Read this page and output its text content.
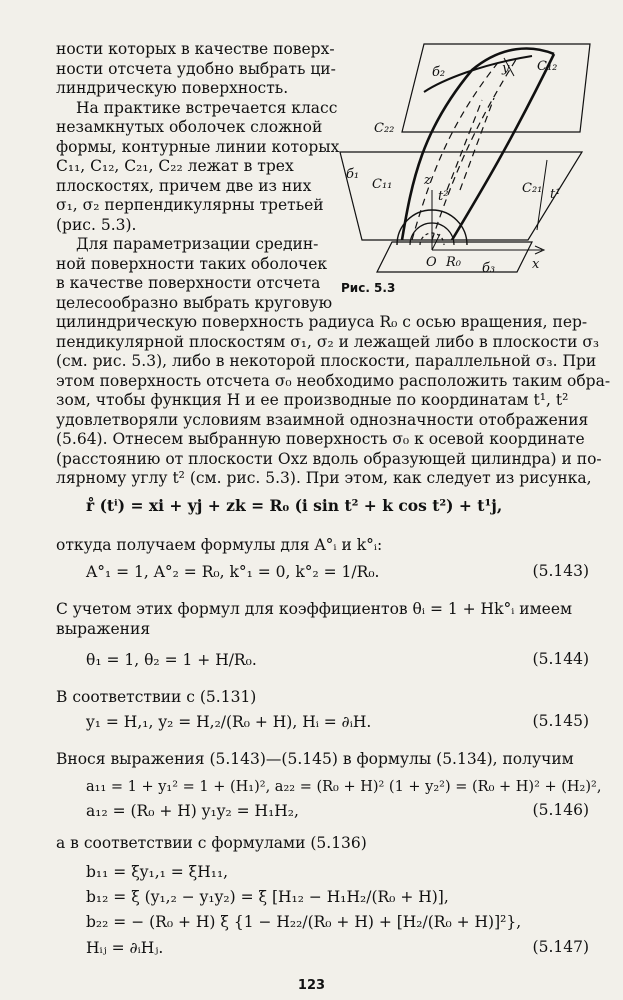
ности которых в качестве поверх-
ности отсчета удобно выбрать ци-
линдрическую поверхность.
На практике встречается класс
незамкнутых оболочек сложной
формы, контурные линии которых
C₁₁, C₁₂, C₂₁, C₂₂ лежат в трех
плоскостях, причем две из них
σ₁, σ₂ перпендикулярны третьей
(рис. 5.3).
Для параметризации средин-
ной поверхности таких оболочек
в качестве поверхности отсчета
целесообразно выбрать круговую

б₂	C₁₂
y
C₂₂
б₁
C₁₁ z
t²
C₂₁ t¹
O R₀ б₃	x
Рис. 5.3

цилиндрическую поверхность радиуса R₀ с осью вращения, пер-
пендикулярной плоскостям σ₁, σ₂ и лежащей либо в плоскости σ₃
(см. рис. 5.3), либо в некоторой плоскости, параллельной σ₃. При
этом поверхность отсчета σ₀ необходимо расположить таким обра-
зом, чтобы функция H и ее производные по координатам t¹, t²
удовлетворяли условиям взаимной однозначности отображения
(5.64). Отнесем выбранную поверхность σ₀ к осевой координате
(расстоянию от плоскости Oxz вдоль образующей цилиндра) и по-
лярному углу t² (см. рис. 5.3). При этом, как следует из рисунка,

r̊ (tⁱ) = xi + yj + zk = R₀ (i sin t² + k cos t²) + t¹j,
откуда получаем формулы для A°ᵢ и k°ᵢ:
A°₁ = 1, A°₂ = R₀, k°₁ = 0, k°₂ = 1/R₀.	(5.143)

С учетом этих формул для коэффициентов θᵢ = 1 + Hk°ᵢ имеем
выражения

θ₁ = 1, θ₂ = 1 + H/R₀.	(5.144)
В соответствии с (5.131)
y₁ = H,₁, y₂ = H,₂/(R₀ + H), Hᵢ = ∂ᵢH.	(5.145)
Внося выражения (5.143)—(5.145) в формулы (5.134), получим
a₁₁ = 1 + y₁² = 1 + (H₁)², a₂₂ = (R₀ + H)² (1 + y₂²) = (R₀ + H)² + (H₂)²,
a₁₂ = (R₀ + H) y₁y₂ = H₁H₂,	(5.146)
а в соответствии с формулами (5.136)
b₁₁ = ξy₁,₁ = ξH₁₁,
b₁₂ = ξ (y₁,₂ − y₁y₂) = ξ [H₁₂ − H₁H₂/(R₀ + H)],
b₂₂ = − (R₀ + H) ξ {1 − H₂₂/(R₀ + H) + [H₂/(R₀ + H)]²},
Hᵢⱼ = ∂ᵢHⱼ.	(5.147)
123
